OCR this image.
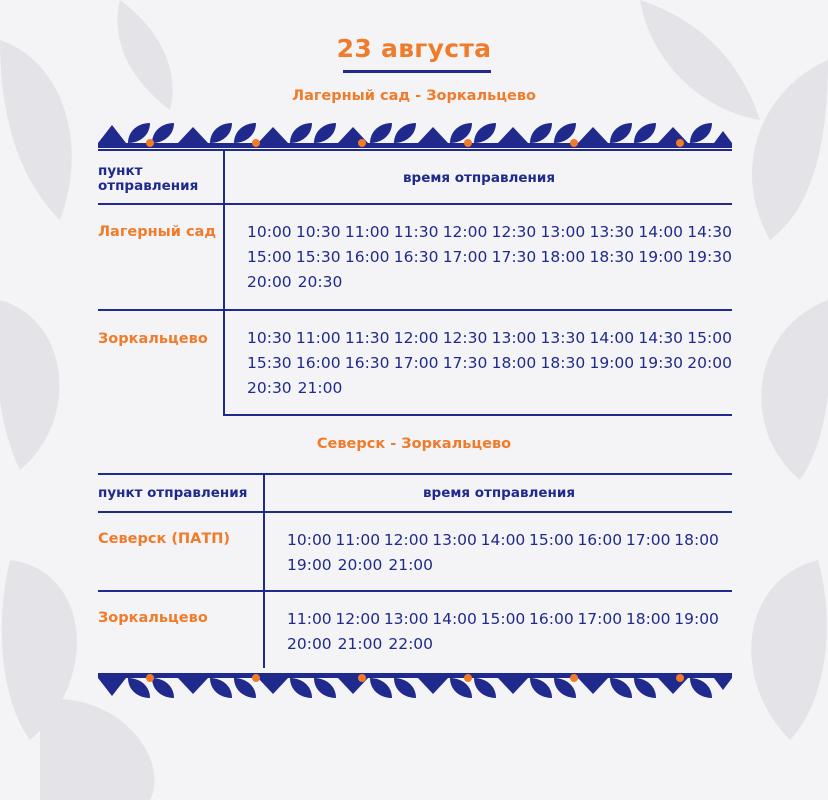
23 августа
Лагерный сад - Зоркальцево
пункт
отправления	время отправления
Лагерный сад 10:00 10:30 11:00 11:30 12:00 12:30 13:00 13:30 14:00 14:30
15:00 15:30 16:00 16:30 17:00 17:30 18:00 18:30 19:00 19:30
20:00 20:30
Зоркальцево	10:30 11:00 11:30 12:00 12:30 13:00 13:30 14:00 14:30 15:00
15:30 16:00 16:30 17:00 17:30 18:00 18:30 19:00 19:30 20:00
20:30 21:00
Северск - Зоркальцево
пункт отправления	время отправления
Северск (ПАТП)	10:00 11:00 12:00 13:00 14:00 15:00 16:00 17:00 18:00
19:00 20:00 21:00
Зоркальцево	11:00 12:00 13:00 14:00 15:00 16:00 17:00 18:00 19:00
20:00 21:00 22:00
